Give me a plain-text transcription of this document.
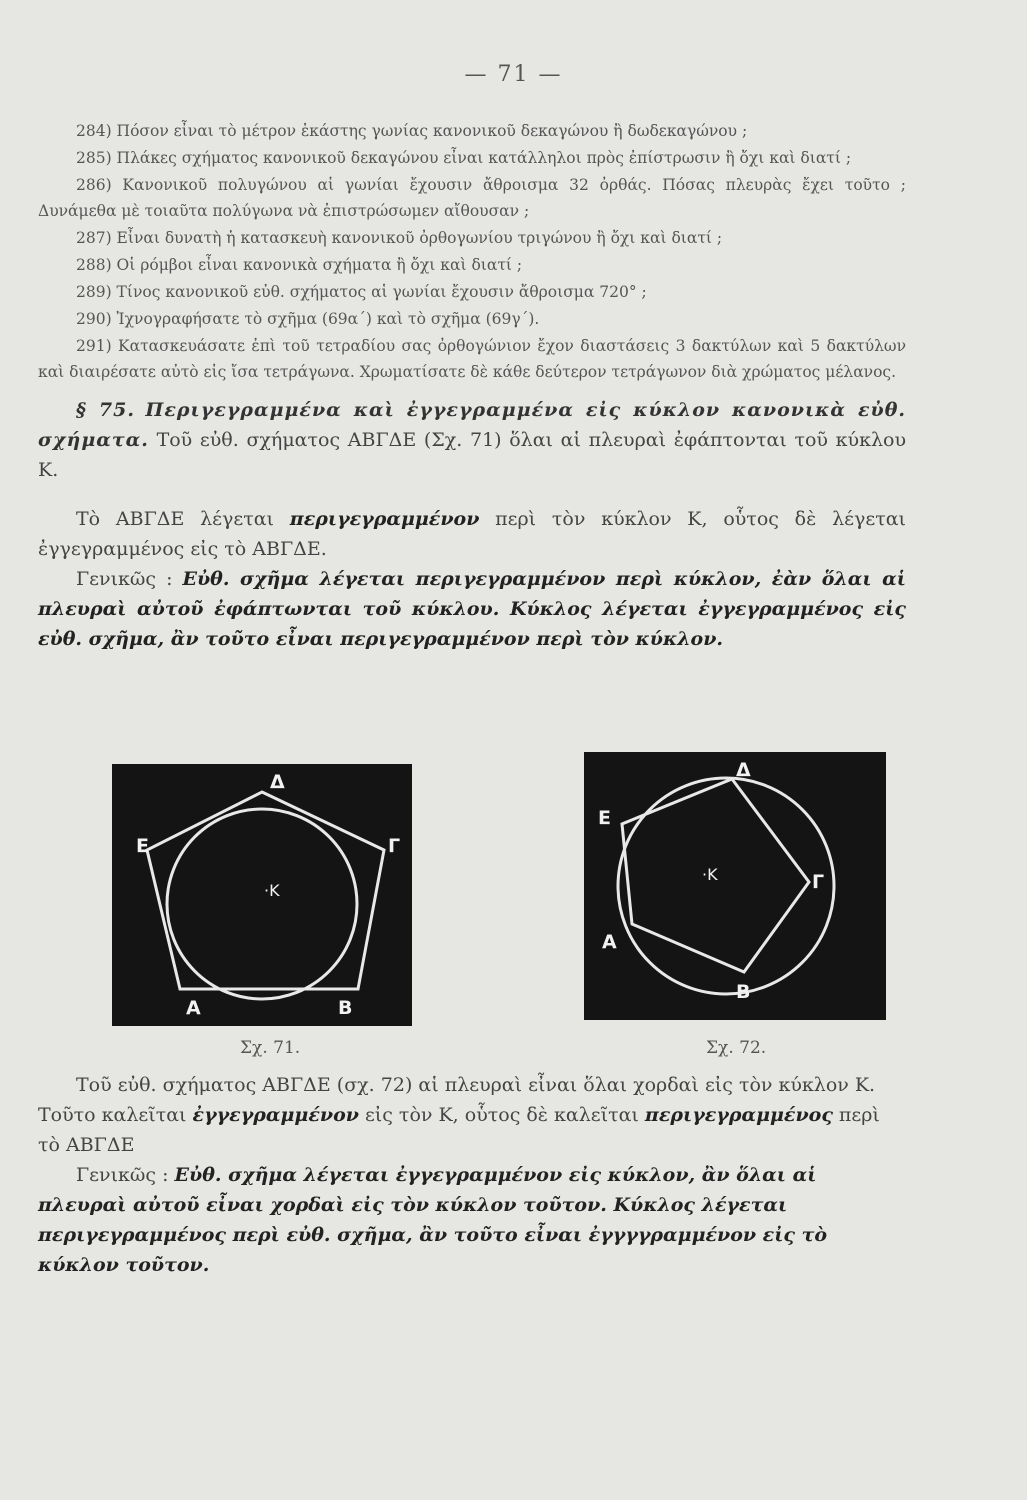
— 71 —

284) Πόσον εἶναι τὸ μέτρον ἑκάστης γωνίας κανονικοῦ δεκαγώνου ἢ δωδεκαγώνου ;

285) Πλάκες σχήματος κανονικοῦ δεκαγώνου εἶναι κατάλληλοι πρὸς ἐπίστρωσιν ἢ ὄχι καὶ διατί ;

286) Κανονικοῦ πολυγώνου αἱ γωνίαι ἔχουσιν ἄθροισμα 32 ὀρθάς. Πόσας πλευρὰς ἔχει τοῦτο ; Δυνάμεθα μὲ τοιαῦτα πολύγωνα νὰ ἐπιστρώσωμεν αἴθουσαν ;

287) Εἶναι δυνατὴ ἡ κατασκευὴ κανονικοῦ ὀρθογωνίου τριγώνου ἢ ὄχι καὶ διατί ;

288) Οἱ ρόμβοι εἶναι κανονικὰ σχήματα ἢ ὄχι καὶ διατί ;

289) Τίνος κανονικοῦ εὐθ. σχήματος αἱ γωνίαι ἔχουσιν ἄθροισμα 720° ;

290) Ἰχνογραφήσατε τὸ σχῆμα (69α΄) καὶ τὸ σχῆμα (69γ΄).

291) Κατασκευάσατε ἐπὶ τοῦ τετραδίου σας ὀρθογώνιον ἔχον διαστάσεις 3 δακτύλων καὶ 5 δακτύλων καὶ διαιρέσατε αὐτὸ εἰς ἴσα τετράγωνα. Χρωματίσατε δὲ κάθε δεύτερον τετράγωνον διὰ χρώματος μέλανος.

§ 75. Περιγεγραμμένα καὶ ἐγγεγραμμένα εἰς κύκλον κανονικὰ εὐθ. σχήματα. Τοῦ εὐθ. σχήματος ΑΒΓΔΕ (Σχ. 71) ὅλαι αἱ πλευραὶ ἐφάπτονται τοῦ κύκλου Κ.

Τὸ ΑΒΓΔΕ λέγεται περιγεγραμμένον περὶ τὸν κύκλον Κ, οὗτος δὲ λέγεται ἐγγεγραμμένος εἰς τὸ ΑΒΓΔΕ.

Γενικῶς : Εὐθ. σχῆμα λέγεται περιγεγραμμένον περὶ κύκλον, ἐὰν ὅλαι αἱ πλευραὶ αὐτοῦ ἐφάπτωνται τοῦ κύκλου. Κύκλος λέγεται ἐγγεγραμμένος εἰς εὐθ. σχῆμα, ἂν τοῦτο εἶναι περιγεγραμμένον περὶ τὸν κύκλον.

Δ
Ε	Γ
·Κ
Α	Β
Δ
Ε
Γ
·Κ
Α
Β
Σχ. 71.	Σχ. 72.

Τοῦ εὐθ. σχήματος ΑΒΓΔΕ (σχ. 72) αἱ πλευραὶ εἶναι ὅλαι χορδαὶ εἰς τὸν κύκλον Κ. Τοῦτο καλεῖται ἐγγεγραμμένον εἰς τὸν Κ, οὗτος δὲ καλεῖται περιγεγραμμένος περὶ τὸ ΑΒΓΔΕ

Γενικῶς : Εὐθ. σχῆμα λέγεται ἐγγεγραμμένον εἰς κύκλον, ἂν ὅλαι αἱ πλευραὶ αὐτοῦ εἶναι χορδαὶ εἰς τὸν κύκλον τοῦτον. Κύκλος λέγεται περιγεγραμμένος περὶ εὐθ. σχῆμα, ἂν τοῦτο εἶναι ἐγγγγραμμένον εἰς τὸ κύκλον τοῦτον.
